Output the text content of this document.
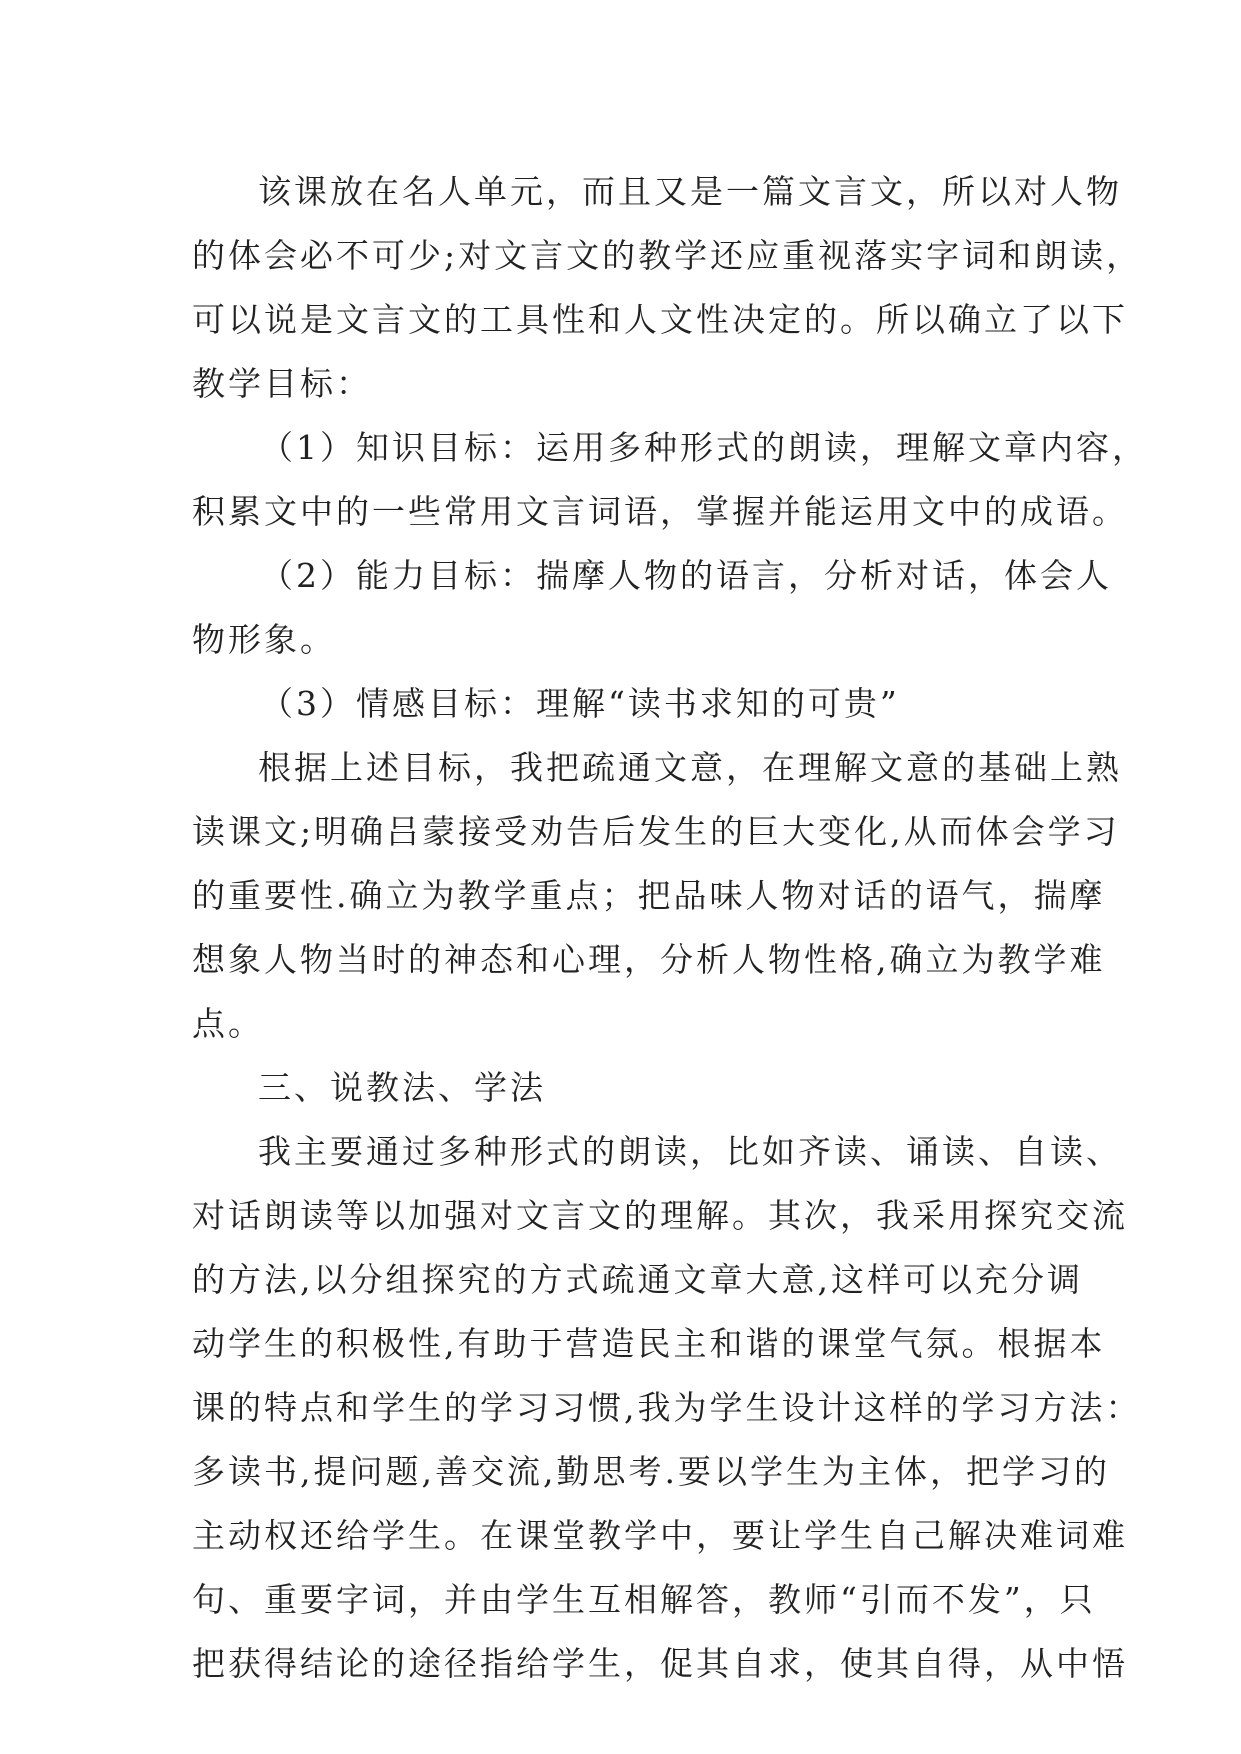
该课放在名人单元，而且又是一篇文言文，所以对人物
的体会必不可少;对文言文的教学还应重视落实字词和朗读，
可以说是文言文的工具性和人文性决定的。所以确立了以下
教学目标：
（1）知识目标：运用多种形式的朗读，理解文章内容，
积累文中的一些常用文言词语，掌握并能运用文中的成语。
（2）能力目标：揣摩人物的语言，分析对话，体会人
物形象。
（3）情感目标：理解“读书求知的可贵”
根据上述目标，我把疏通文意，在理解文意的基础上熟
读课文;明确吕蒙接受劝告后发生的巨大变化,从而体会学习
的重要性.确立为教学重点；把品味人物对话的语气，揣摩
想象人物当时的神态和心理，分析人物性格,确立为教学难
点。
三、说教法、学法
我主要通过多种形式的朗读，比如齐读、诵读、自读、
对话朗读等以加强对文言文的理解。其次，我采用探究交流
的方法,以分组探究的方式疏通文章大意,这样可以充分调
动学生的积极性,有助于营造民主和谐的课堂气氛。根据本
课的特点和学生的学习习惯,我为学生设计这样的学习方法：
多读书,提问题,善交流,勤思考.要以学生为主体，把学习的
主动权还给学生。在课堂教学中，要让学生自己解决难词难
句、重要字词，并由学生互相解答，教师“引而不发”，只
把获得结论的途径指给学生，促其自求，使其自得，从中悟
